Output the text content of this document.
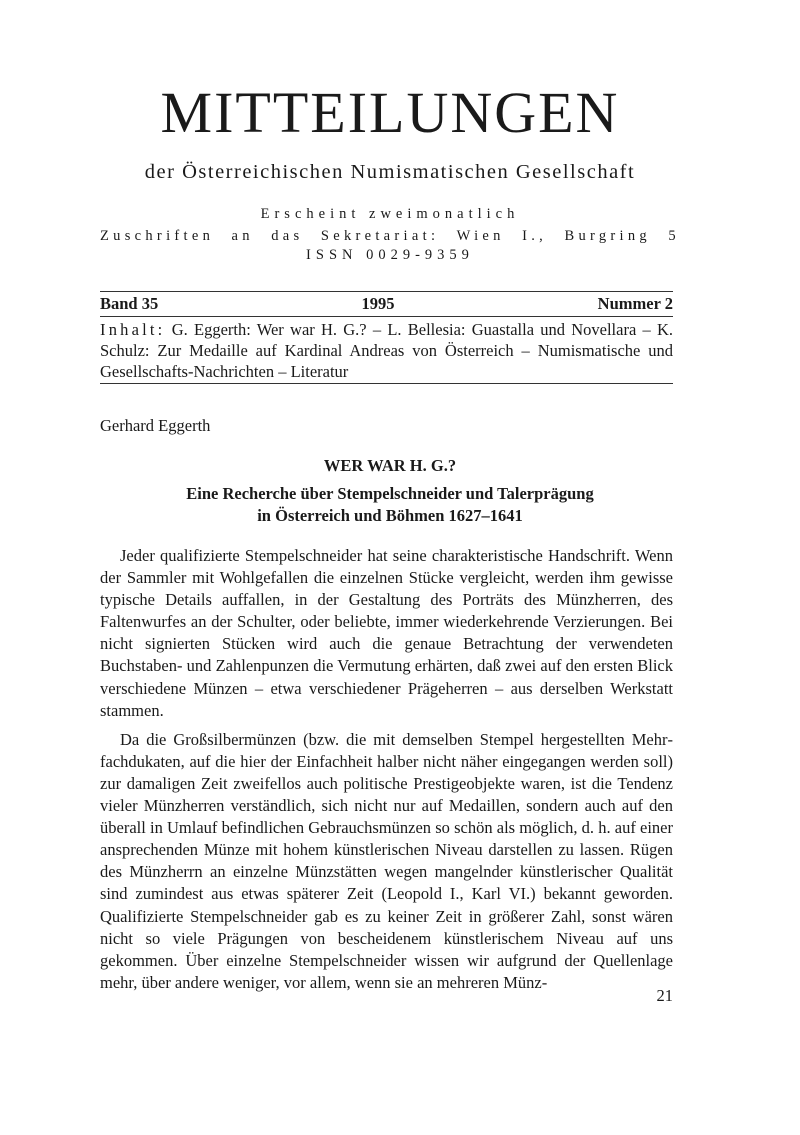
MITTEILUNGEN
der Österreichischen Numismatischen Gesellschaft
Erscheint zweimonatlich
Zuschriften an das Sekretariat: Wien I., Burgring 5
ISSN 0029-9359
Band 35	1995	Nummer 2
Inhalt: G. Eggerth: Wer war H. G.? – L. Bellesia: Guastalla und Novellara – K. Schulz: Zur Medaille auf Kardinal Andreas von Österreich – Numismatische und Gesellschafts-Nachrichten – Literatur
Gerhard Eggerth
WER WAR H. G.?
Eine Recherche über Stempelschneider und Talerprägung
in Österreich und Böhmen 1627–1641

Jeder qualifizierte Stempelschneider hat seine charakteristische Handschrift. Wenn der Sammler mit Wohlgefallen die einzelnen Stücke vergleicht, werden ihm gewisse typische Details auffallen, in der Gestaltung des Porträts des Münzherren, des Faltenwurfes an der Schulter, oder beliebte, immer wiederkehrende Verzierungen. Bei nicht signierten Stücken wird auch die genaue Betrachtung der verwendeten Buchstaben- und Zahlenpunzen die Vermutung erhärten, daß zwei auf den ersten Blick verschiedene Münzen – etwa verschiedener Prägeherren – aus derselben Werkstatt stammen.

Da die Großsilbermünzen (bzw. die mit demselben Stempel hergestellten Mehrfachdukaten, auf die hier der Einfachheit halber nicht näher eingegangen werden soll) zur damaligen Zeit zweifellos auch politische Prestigeobjekte waren, ist die Tendenz vieler Münzherren verständlich, sich nicht nur auf Medaillen, sondern auch auf den überall in Umlauf befindlichen Gebrauchsmünzen so schön als möglich, d. h. auf einer ansprechenden Münze mit hohem künstlerischen Niveau darstellen zu lassen. Rügen des Münzherrn an einzelne Münzstätten wegen mangelnder künstlerischer Qualität sind zumindest aus etwas späterer Zeit (Leopold I., Karl VI.) bekannt geworden. Qualifizierte Stempelschneider gab es zu keiner Zeit in größerer Zahl, sonst wären nicht so viele Prägungen von bescheidenem künstlerischem Niveau auf uns gekommen. Über einzelne Stempelschneider wissen wir aufgrund der Quellenlage mehr, über andere weniger, vor allem, wenn sie an mehreren Münz-

21
